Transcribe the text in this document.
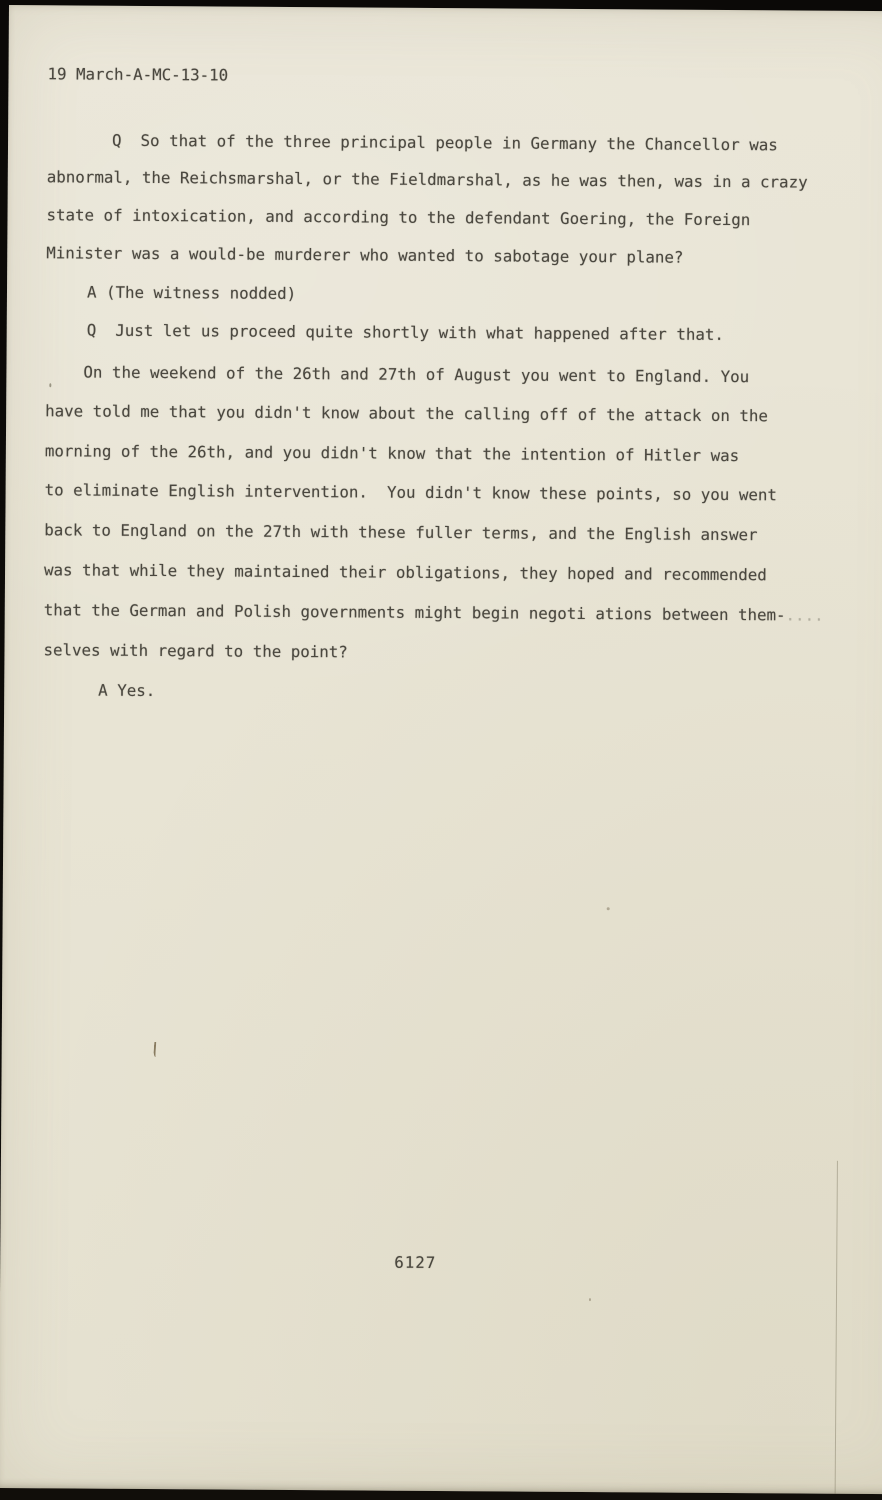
19 March-A-MC-13-10
Q  So that of the three principal people in Germany the Chancellor was
abnormal, the Reichsmarshal, or the Fieldmarshal, as he was then, was in a crazy
state of intoxication, and according to the defendant Goering, the Foreign
Minister was a would-be murderer who wanted to sabotage your plane?
A (The witness nodded)
Q  Just let us proceed quite shortly with what happened after that.
On the weekend of the 26th and 27th of August you went to England. You
have told me that you didn't know about the calling off of the attack on the
morning of the 26th, and you didn't know that the intention of Hitler was
to eliminate English intervention.  You didn't know these points, so you went
back to England on the 27th with these fuller terms, and the English answer
was that while they maintained their obligations, they hoped and recommended
that the German and Polish governments might begin negoti ations between them-....
selves with regard to the point?
A Yes.
6127
